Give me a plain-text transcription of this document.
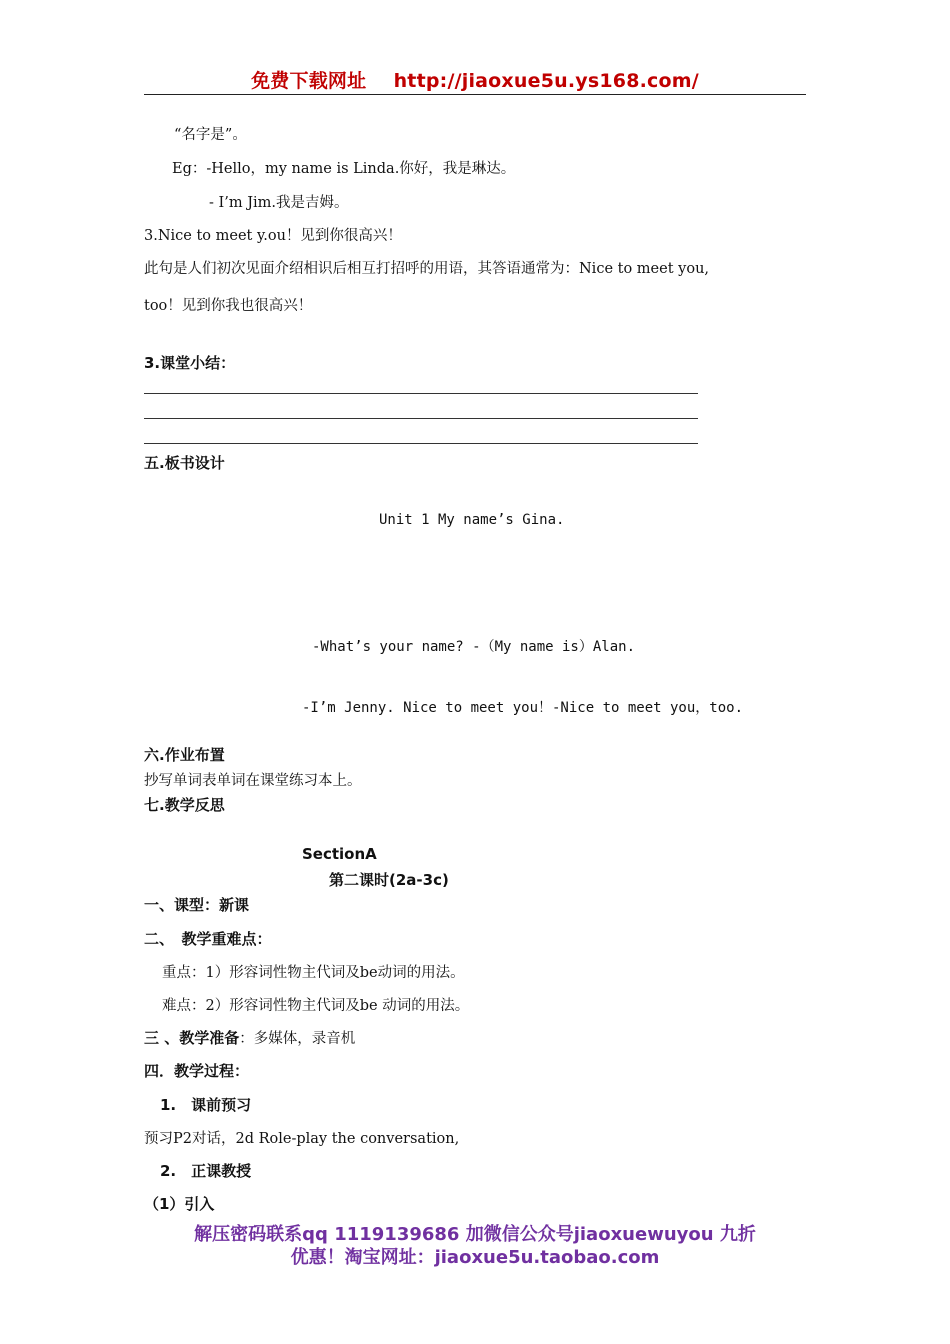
免费下载网址 http://jiaoxue5u.ys168.com/
“名字是”。
Eg：-Hello，my name is Linda.你好，我是琳达。
- I’m Jim.我是吉姆。
3.Nice to meet y.ou！见到你很高兴！
此句是人们初次见面介绍相识后相互打招呼的用语，其答语通常为：Nice to meet you,
too！见到你我也很高兴！
3.课堂小结：
五.板书设计
Unit 1 My name’s Gina.
-What’s your name? -（My name is）Alan.
-I’m Jenny. Nice to meet you！-Nice to meet you，too.
六.作业布置
抄写单词表单词在课堂练习本上。
七.教学反思
SectionA
第二课时(2a-3c)
一、课型：新课
二、　教学重难点：
重点：1）形容词性物主代词及be动词的用法。
难点：2）形容词性物主代词及be 动词的用法。
三 、教学准备：多媒体，录音机
四．教学过程：
1.　课前预习
预习P2对话，2d Role-play the conversation,
2.　正课教授
（1）引入
解压密码联系qq 1119139686 加微信公众号jiaoxuewuyou 九折
优惠！淘宝网址：jiaoxue5u.taobao.com
